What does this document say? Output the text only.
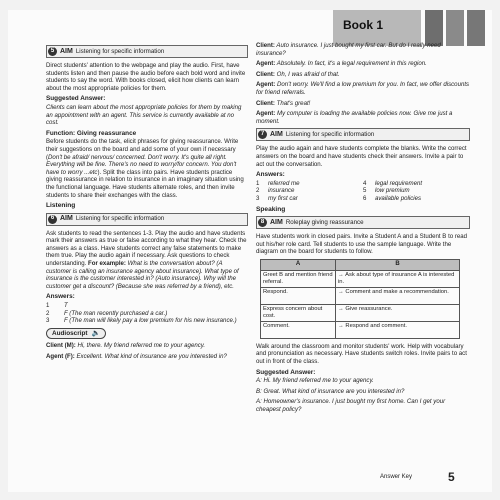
Book 1
5 AIM Listening for specific information

Direct students' attention to the webpage and play the audio. First, have students listen and then pause the audio before each bold word and invite students to say the word. With books closed, elicit how clients can learn about the most appropriate policies for them.

Suggested Answer:

Clients can learn about the most appropriate policies for them by making an appointment with an agent. This service is currently available at no cost.

Function: Giving reassurance

Before students do the task, elicit phrases for giving reassurance. Write their suggestions on the board and add some of your own if necessary (Don't be afraid/ nervous/ concerned. Don't worry. It's quite all right. Everything will be fine. There's no need to worry/for concern. You don't have to worry ...etc). Split the class into pairs. Have students practice giving reassurance in relation to insurance in an imaginary situation using the functional language. Have students alternate roles, and then invite students to share their exchanges with the class.

Listening
6 AIM Listening for specific information

Ask students to read the sentences 1-3. Play the audio and have students mark their answers as true or false according to what they hear. Check the answers as a class. Have students correct any false statements to make them true. Play the audio again if necessary. Ask questions to check understanding. For example: What is the conversation about? (A customer is calling an insurance agency about insurance). What type of insurance is the customer interested in? (Auto insurance). Why will the customer get a discount? (Because she was referred by a friend), etc.

Answers:
1	T
2	F (The man recently purchased a car.)
3	F (The man will likely pay a low premium for his new insurance.)
Audioscript 🔈

Client (M): Hi, there. My friend referred me to your agency.

Agent (F): Excellent. What kind of insurance are you interested in?

Client: Auto insurance. I just bought my first car. But do I really need insurance?

Agent: Absolutely. In fact, it's a legal requirement in this region.

Client: Oh, I was afraid of that.

Agent: Don't worry. We'll find a low premium for you. In fact, we offer discounts for friend referrals.

Client: That's great!

Agent: My computer is loading the available policies now. Give me just a moment.

7 AIM Listening for specific information

Play the audio again and have students complete the blanks. Write the correct answers on the board and have students check their answers. Invite a pair to act out the conversation.

Answers:
1	referred me	4	legal requirement
2	insurance	5	low premium
3	my first car	6	available policies
Speaking
8 AIM Roleplay giving reassurance

Have students work in closed pairs. Invite a Student A and a Student B to read out his/her role card. Tell students to use the sample language. Write the diagram on the board for students to follow.

A	B
Greet B and mention friend referral.	→ Ask about type of insurance A is interested in.
Respond.	→ Comment and make a recommendation.
Express concern about cost.	→ Give reassurance.
Comment.	→ Respond and comment.

Walk around the classroom and monitor students' work. Help with vocabulary and pronunciation as necessary. Have students switch roles. Invite pairs to act out in front of the class.

Suggested Answer:

A: Hi. My friend referred me to your agency.

B: Great. What kind of insurance are you interested in?

A: Homeowner's insurance. I just bought my first home. Can I get your cheapest policy?

Answer Key	5
